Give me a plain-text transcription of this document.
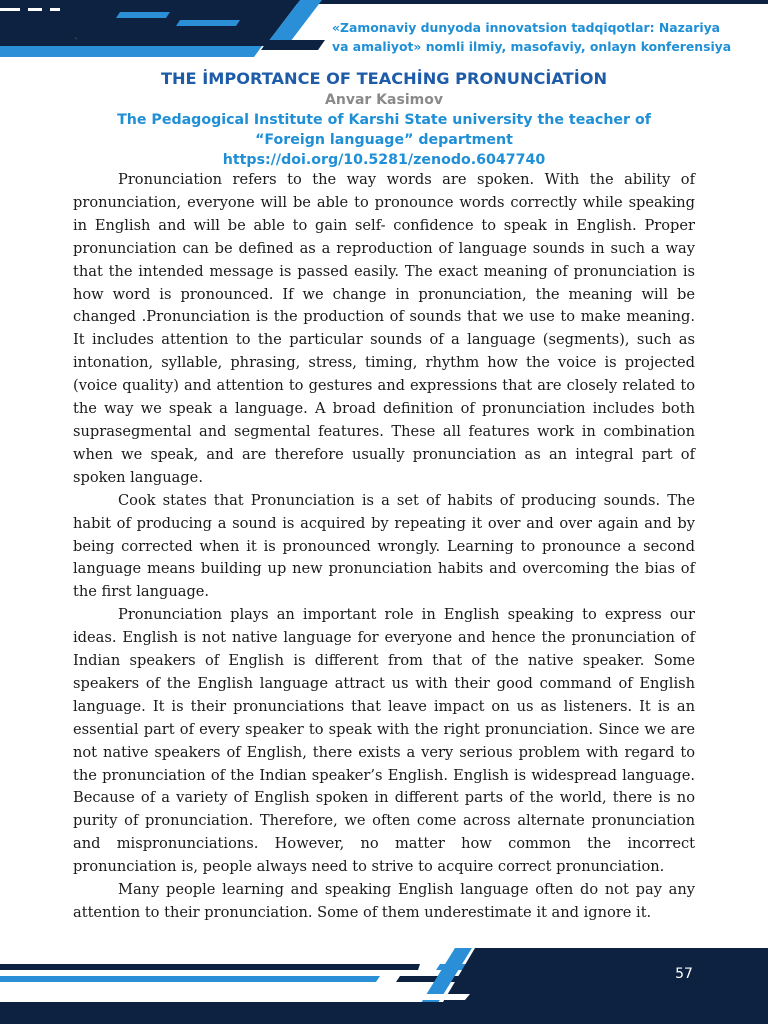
`
«Zamonaviy dunyoda innovatsion tadqiqotlar: Nazariya
va amaliyot» nomli ilmiy, masofaviy, onlayn konferensiya
THE İMPORTANCE OF TEACHİNG PRONUNCİATİON
Anvar Kasimov
The Pedagogical Institute of Karshi State university the teacher of
“Foreign language” department
https://doi.org/10.5281/zenodo.6047740

Pronunciation refers to the way words are spoken. With the ability of pronunciation, everyone will be able to pronounce words correctly while speaking in English and will be able to gain self- confidence to speak in English. Proper pronunciation can be defined as a reproduction of language sounds in such a way that the intended message is passed easily. The exact meaning of pronunciation is how word is pronounced. If we change in pronunciation, the meaning will be changed .Pronunciation is the production of sounds that we use to make meaning. It includes attention to the particular sounds of a language (segments), such as intonation, syllable, phrasing, stress, timing, rhythm how the voice is projected (voice quality) and attention to gestures and expressions that are closely related to the way we speak a language. A broad definition of pronunciation includes both suprasegmental and segmental features. These all features work in combination when we speak, and are therefore usually pronunciation as an integral part of spoken language.

Cook states that Pronunciation is a set of habits of producing sounds. The habit of producing a sound is acquired by repeating it over and over again and by being corrected when it is pronounced wrongly. Learning to pronounce a second language means building up new pronunciation habits and overcoming the bias of the first language.

Pronunciation plays an important role in English speaking to express our ideas. English is not native language for everyone and hence the pronunciation of Indian speakers of English is different from that of the native speaker. Some speakers of the English language attract us with their good command of English language. It is their pronunciations that leave impact on us as listeners. It is an essential part of every speaker to speak with the right pronunciation. Since we are not native speakers of English, there exists a very serious problem with regard to the pronunciation of the Indian speaker’s English. English is widespread language. Because of a variety of English spoken in different parts of the world, there is no purity of pronunciation. Therefore, we often come across alternate pronunciation and mispronunciations. However, no matter how common the incorrect pronunciation is, people always need to strive to acquire correct pronunciation.

Many people learning and speaking English language often do not pay any attention to their pronunciation. Some of them underestimate it and ignore it.

57
